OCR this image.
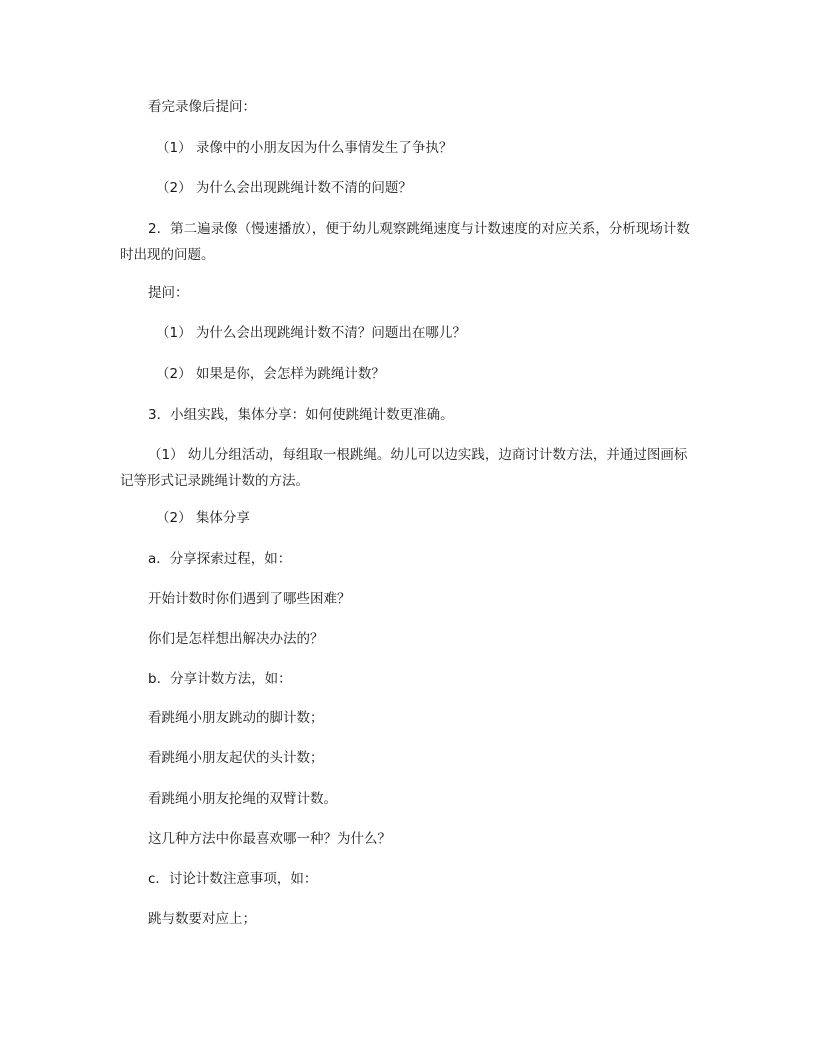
看完录像后提问：

（1） 录像中的小朋友因为什么事情发生了争执？

（2） 为什么会出现跳绳计数不清的问题？

2．第二遍录像（慢速播放），便于幼儿观察跳绳速度与计数速度的对应关系，分析现场计数时出现的问题。

提问：

（1） 为什么会出现跳绳计数不清？问题出在哪儿？

（2） 如果是你，会怎样为跳绳计数？

3．小组实践，集体分享：如何使跳绳计数更准确。

（1） 幼儿分组活动，每组取一根跳绳。幼儿可以边实践，边商讨计数方法，并通过图画标记等形式记录跳绳计数的方法。

（2） 集体分享

a．分享探索过程，如：

开始计数时你们遇到了哪些困难？

你们是怎样想出解决办法的？

b．分享计数方法，如：

看跳绳小朋友跳动的脚计数；

看跳绳小朋友起伏的头计数；

看跳绳小朋友抡绳的双臂计数。

这几种方法中你最喜欢哪一种？为什么？

c．讨论计数注意事项，如：

跳与数要对应上；
